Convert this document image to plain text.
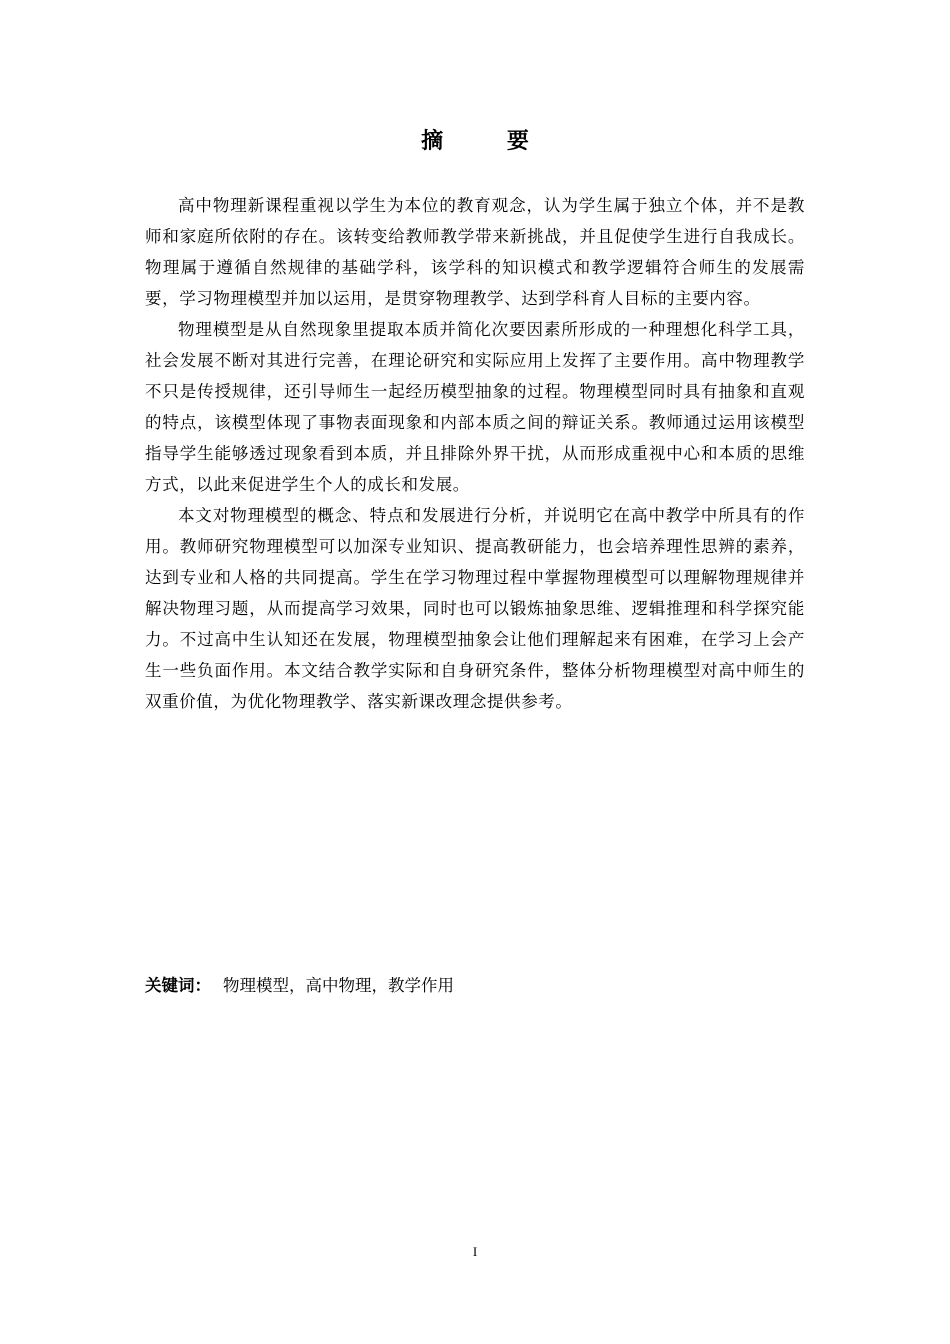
摘 要

高中物理新课程重视以学生为本位的教育观念，认为学生属于独立个体，并不是教师和家庭所依附的存在。该转变给教师教学带来新挑战，并且促使学生进行自我成长。物理属于遵循自然规律的基础学科，该学科的知识模式和教学逻辑符合师生的发展需要，学习物理模型并加以运用，是贯穿物理教学、达到学科育人目标的主要内容。

物理模型是从自然现象里提取本质并简化次要因素所形成的一种理想化科学工具，社会发展不断对其进行完善，在理论研究和实际应用上发挥了主要作用。高中物理教学不只是传授规律，还引导师生一起经历模型抽象的过程。物理模型同时具有抽象和直观的特点，该模型体现了事物表面现象和内部本质之间的辩证关系。教师通过运用该模型指导学生能够透过现象看到本质，并且排除外界干扰，从而形成重视中心和本质的思维方式，以此来促进学生个人的成长和发展。

本文对物理模型的概念、特点和发展进行分析，并说明它在高中教学中所具有的作用。教师研究物理模型可以加深专业知识、提高教研能力，也会培养理性思辨的素养，达到专业和人格的共同提高。学生在学习物理过程中掌握物理模型可以理解物理规律并解决物理习题，从而提高学习效果，同时也可以锻炼抽象思维、逻辑推理和科学探究能力。不过高中生认知还在发展，物理模型抽象会让他们理解起来有困难，在学习上会产生一些负面作用。本文结合教学实际和自身研究条件，整体分析物理模型对高中师生的双重价值，为优化物理教学、落实新课改理念提供参考。

关键词： 物理模型，高中物理，教学作用
I
